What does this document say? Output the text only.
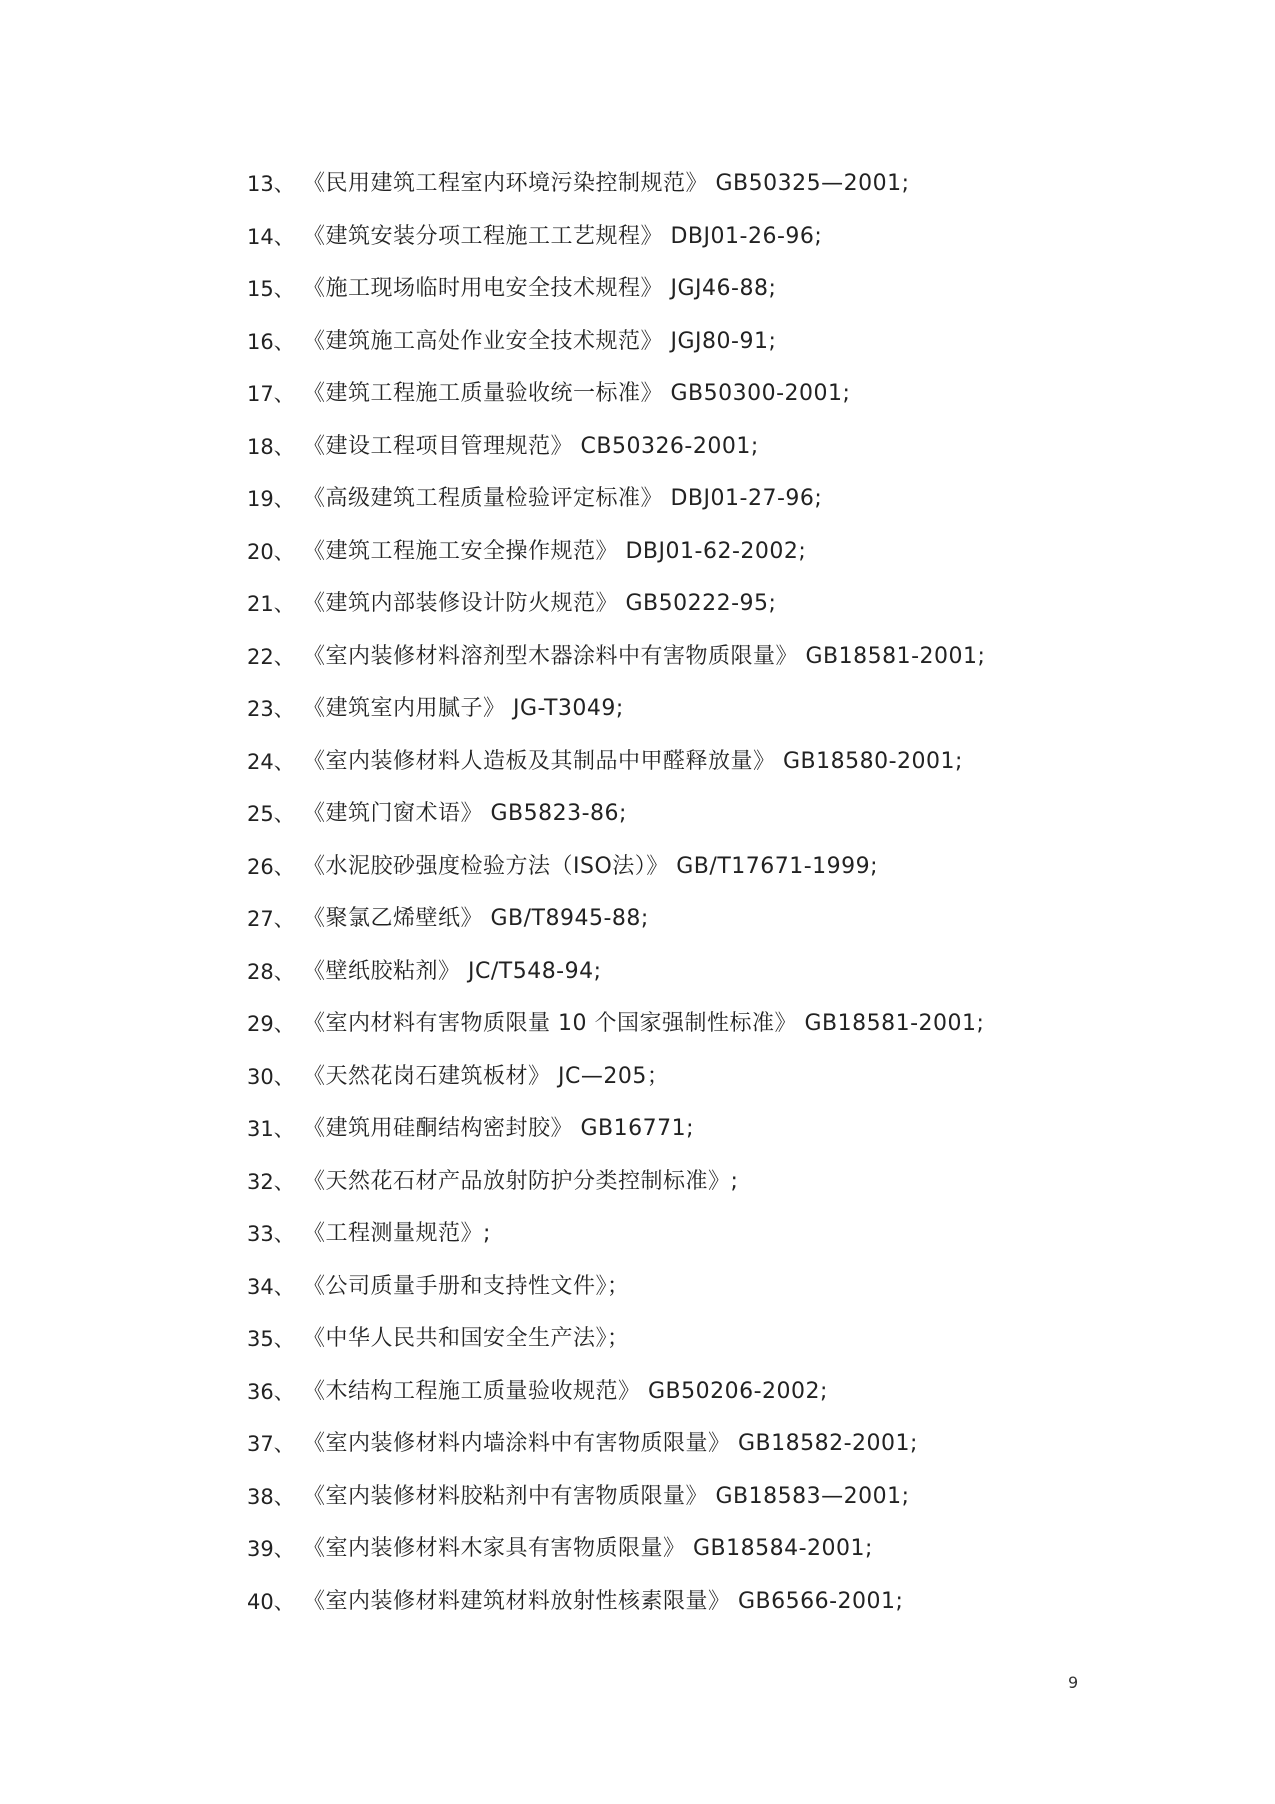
13、 《民用建筑工程室内环境污染控制规范》 GB50325—2001;
14、 《建筑安装分项工程施工工艺规程》 DBJ01-26-96;
15、 《施工现场临时用电安全技术规程》 JGJ46-88;
16、 《建筑施工高处作业安全技术规范》 JGJ80-91;
17、 《建筑工程施工质量验收统一标准》 GB50300-2001;
18、 《建设工程项目管理规范》 CB50326-2001;
19、 《高级建筑工程质量检验评定标准》 DBJ01-27-96;
20、 《建筑工程施工安全操作规范》 DBJ01-62-2002;
21、 《建筑内部装修设计防火规范》 GB50222-95;
22、 《室内装修材料溶剂型木器涂料中有害物质限量》 GB18581-2001;
23、 《建筑室内用腻子》 JG-T3049;
24、 《室内装修材料人造板及其制品中甲醛释放量》 GB18580-2001;
25、 《建筑门窗术语》 GB5823-86;
26、 《水泥胶砂强度检验方法（ISO法）》 GB/T17671-1999;
27、 《聚氯乙烯壁纸》 GB/T8945-88;
28、 《壁纸胶粘剂》 JC/T548-94;
29、 《室内材料有害物质限量 10 个国家强制性标准》 GB18581-2001;
30、 《天然花岗石建筑板材》 JC—205；
31、 《建筑用硅酮结构密封胶》 GB16771;
32、 《天然花石材产品放射防护分类控制标准》;
33、 《工程测量规范》;
34、 《公司质量手册和支持性文件》；
35、 《中华人民共和国安全生产法》；
36、 《木结构工程施工质量验收规范》 GB50206-2002;
37、 《室内装修材料内墙涂料中有害物质限量》 GB18582-2001;
38、 《室内装修材料胶粘剂中有害物质限量》 GB18583—2001;
39、 《室内装修材料木家具有害物质限量》 GB18584-2001;
40、 《室内装修材料建筑材料放射性核素限量》 GB6566-2001;
9
